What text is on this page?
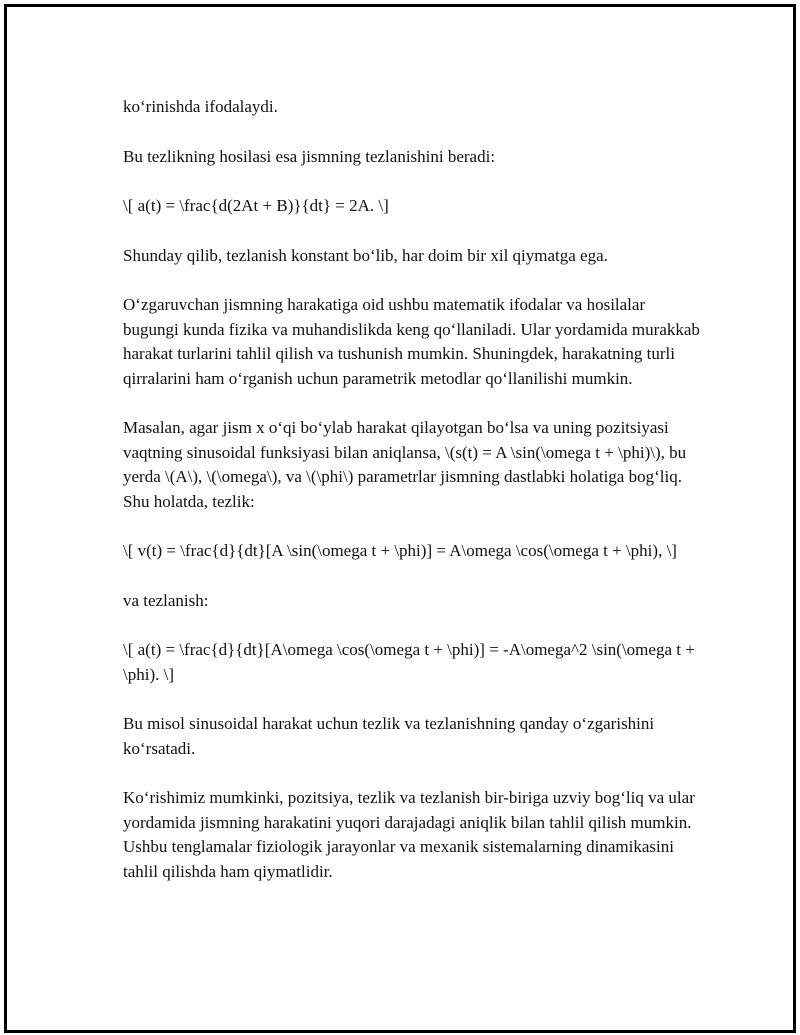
ko‘rinishda ifodalaydi.

Bu tezlikning hosilasi esa jismning tezlanishini beradi:

\[ a(t) = \frac{d(2At + B)}{dt} = 2A. \]

Shunday qilib, tezlanish konstant bo‘lib, har doim bir xil qiymatga ega.

O‘zgaruvchan jismning harakatiga oid ushbu matematik ifodalar va hosilalar bugungi kunda fizika va muhandislikda keng qo‘llaniladi. Ular yordamida murakkab harakat turlarini tahlil qilish va tushunish mumkin. Shuningdek, harakatning turli qirralarini ham o‘rganish uchun parametrik metodlar qo‘llanilishi mumkin.

Masalan, agar jism x o‘qi bo‘ylab harakat qilayotgan bo‘lsa va uning pozitsiyasi vaqtning sinusoidal funksiyasi bilan aniqlansa, \(s(t) = A \sin(\omega t + \phi)\), bu yerda \(A\), \(\omega\), va \(\phi\) parametrlar jismning dastlabki holatiga bog‘liq. Shu holatda, tezlik:

\[ v(t) = \frac{d}{dt}[A \sin(\omega t + \phi)] = A\omega \cos(\omega t + \phi), \]

va tezlanish:

\[ a(t) = \frac{d}{dt}[A\omega \cos(\omega t + \phi)] = -A\omega^2 \sin(\omega t + \phi). \]

Bu misol sinusoidal harakat uchun tezlik va tezlanishning qanday o‘zgarishini ko‘rsatadi.

Ko‘rishimiz mumkinki, pozitsiya, tezlik va tezlanish bir-biriga uzviy bog‘liq va ular yordamida jismning harakatini yuqori darajadagi aniqlik bilan tahlil qilish mumkin. Ushbu tenglamalar fiziologik jarayonlar va mexanik sistemalarning dinamikasini tahlil qilishda ham qiymatlidir.
